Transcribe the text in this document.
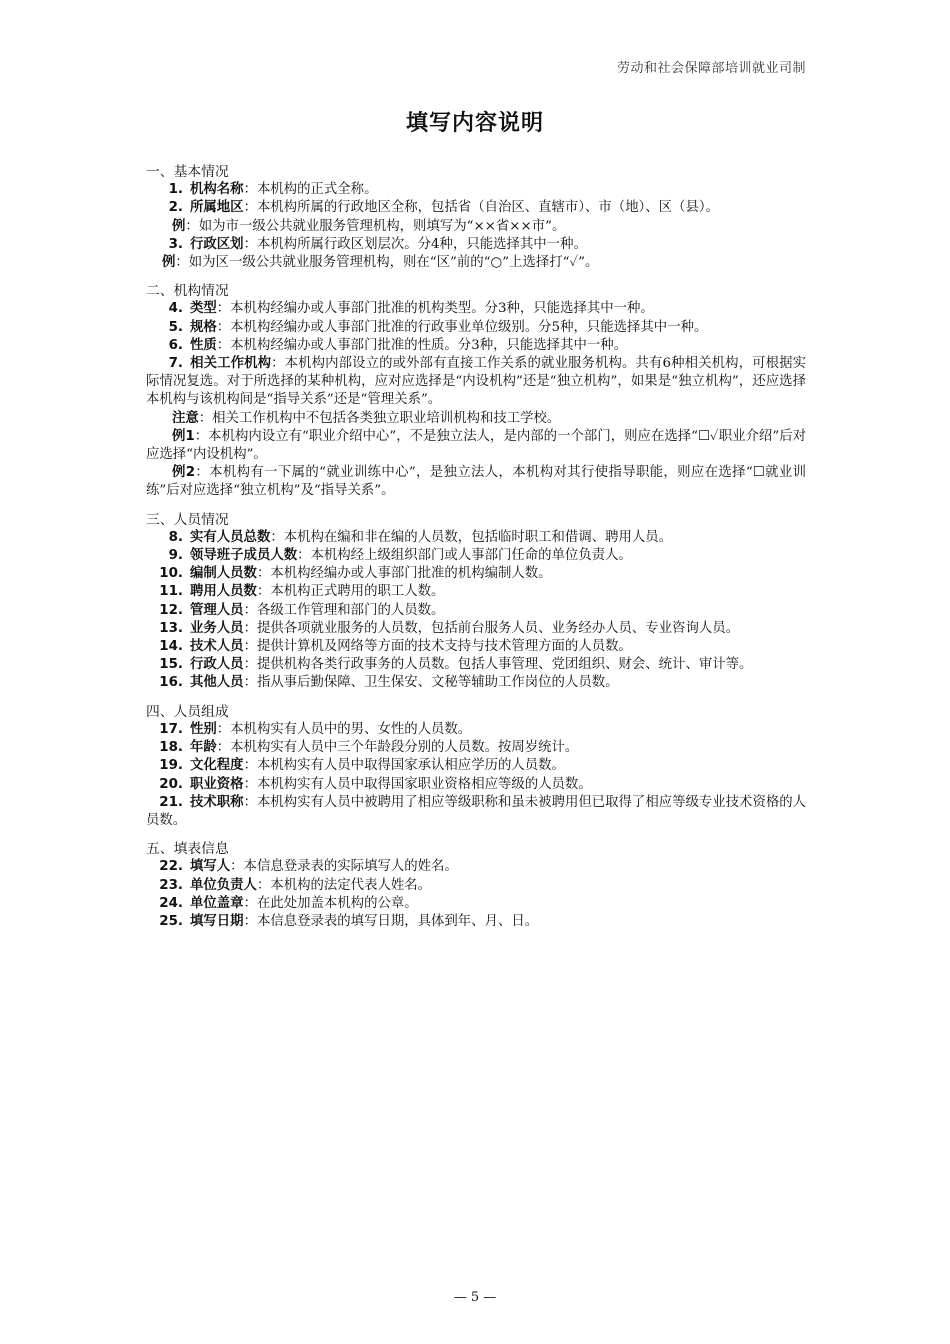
劳动和社会保障部培训就业司制
填写内容说明
一、基本情况
1. 机构名称：本机构的正式全称。
2. 所属地区：本机构所属的行政地区全称，包括省（自治区、直辖市）、市（地）、区（县）。
例：如为市一级公共就业服务管理机构，则填写为“××省××市”。
3. 行政区划：本机构所属行政区划层次。分4种，只能选择其中一种。
例：如为区一级公共就业服务管理机构，则在“区”前的“○”上选择打“✓”。
二、机构情况
4. 类型：本机构经编办或人事部门批准的机构类型。分3种，只能选择其中一种。
5. 规格：本机构经编办或人事部门批准的行政事业单位级别。分5种，只能选择其中一种。
6. 性质：本机构经编办或人事部门批准的性质。分3种，只能选择其中一种。
7. 相关工作机构：本机构内部设立的或外部有直接工作关系的就业服务机构。共有6种相关机构，可根据实际情况复选。对于所选择的某种机构，应对应选择是“内设机构”还是“独立机构”，如果是“独立机构”，还应选择本机构与该机构间是“指导关系”还是“管理关系”。
注意：相关工作机构中不包括各类独立职业培训机构和技工学校。
例1：本机构内设立有“职业介绍中心”，不是独立法人，是内部的一个部门，则应在选择“☐✓职业介绍”后对应选择“内设机构”。
例2：本机构有一下属的“就业训练中心”，是独立法人，本机构对其行使指导职能，则应在选择“☐就业训练”后对应选择“独立机构”及“指导关系”。
三、人员情况
8. 实有人员总数：本机构在编和非在编的人员数，包括临时职工和借调、聘用人员。
9. 领导班子成员人数：本机构经上级组织部门或人事部门任命的单位负责人。
10. 编制人员数：本机构经编办或人事部门批准的机构编制人数。
11. 聘用人员数：本机构正式聘用的职工人数。
12. 管理人员：各级工作管理和部门的人员数。
13. 业务人员：提供各项就业服务的人员数，包括前台服务人员、业务经办人员、专业咨询人员。
14. 技术人员：提供计算机及网络等方面的技术支持与技术管理方面的人员数。
15. 行政人员：提供机构各类行政事务的人员数。包括人事管理、党团组织、财会、统计、审计等。
16. 其他人员：指从事后勤保障、卫生保安、文秘等辅助工作岗位的人员数。
四、人员组成
17. 性别：本机构实有人员中的男、女性的人员数。
18. 年龄：本机构实有人员中三个年龄段分别的人员数。按周岁统计。
19. 文化程度：本机构实有人员中取得国家承认相应学历的人员数。
20. 职业资格：本机构实有人员中取得国家职业资格相应等级的人员数。
21. 技术职称：本机构实有人员中被聘用了相应等级职称和虽未被聘用但已取得了相应等级专业技术资格的人员数。
五、填表信息
22. 填写人：本信息登录表的实际填写人的姓名。
23. 单位负责人：本机构的法定代表人姓名。
24. 单位盖章：在此处加盖本机构的公章。
25. 填写日期：本信息登录表的填写日期，具体到年、月、日。
— 5 —
